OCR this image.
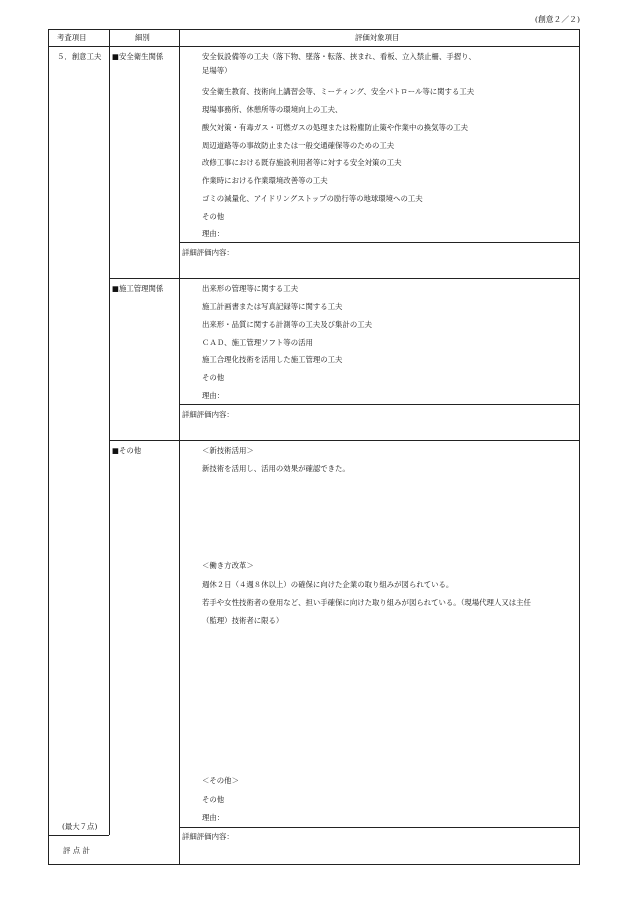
(創意２／２)
考査項目	細別	評価対象項目
５．創意工夫
(最大７点)
評 点 計
■安全衛生関係	安全仮設備等の工夫（落下物、墜落・転落、挟まれ、看板、立入禁止柵、手摺り、
足場等）
安全衛生教育、技術向上講習会等、ミーティング、安全パトロール等に関する工夫
現場事務所、休憩所等の環境向上の工夫、
酸欠対策・有毒ガス・可燃ガスの処理または粉塵防止策や作業中の換気等の工夫
周辺道路等の事故防止または一般交通確保等のための工夫
改修工事における既存施設利用者等に対する安全対策の工夫
作業時における作業環境改善等の工夫
ゴミの減量化、アイドリングストップの励行等の地球環境への工夫
その他
理由：
詳細評価内容：
■施工管理関係	出来形の管理等に関する工夫
施工計画書または写真記録等に関する工夫
出来形・品質に関する計測等の工夫及び集計の工夫
ＣＡＤ、施工管理ソフト等の活用
施工合理化技術を活用した施工管理の工夫
その他
理由：
詳細評価内容：
■その他	＜新技術活用＞
新技術を活用し、活用の効果が確認できた。
＜働き方改革＞
週休２日（４週８休以上）の確保に向けた企業の取り組みが図られている。
若手や女性技術者の登用など、担い手確保に向けた取り組みが図られている。（現場代理人又は主任
（監理）技術者に限る）
＜その他＞
その他
理由：
詳細評価内容：
